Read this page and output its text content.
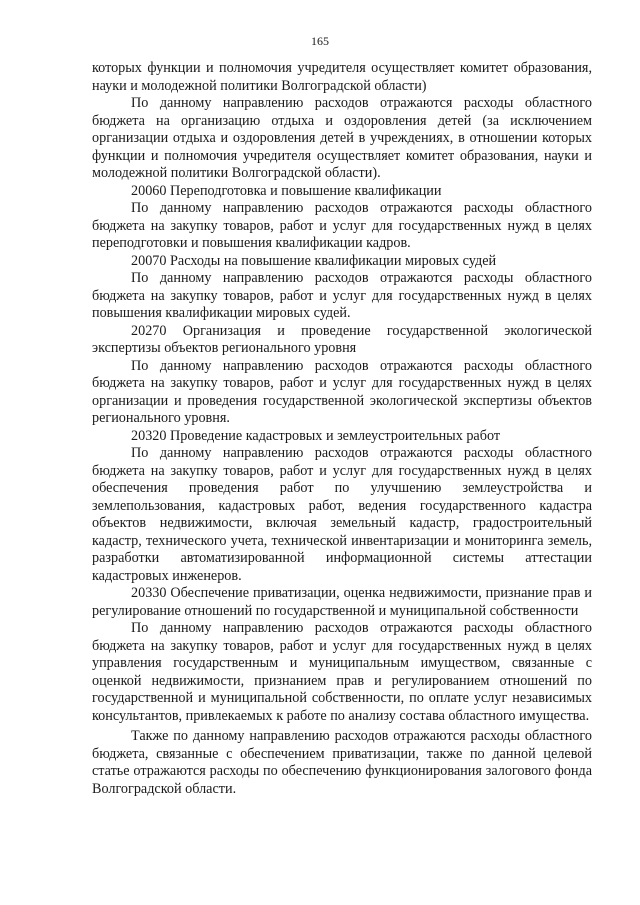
165

которых функции и полномочия учредителя осуществляет комитет образования, науки и молодежной политики Волгоградской области)

По данному направлению расходов отражаются расходы областного бюджета на организацию отдыха и оздоровления детей (за исключением организации отдыха и оздоровления детей в учреждениях, в отношении которых функции и полномочия учредителя осуществляет комитет образования, науки и молодежной политики Волгоградской области).

20060 Переподготовка и повышение квалификации

По данному направлению расходов отражаются расходы областного бюджета на закупку товаров, работ и услуг для государственных нужд в целях переподготовки и повышения квалификации кадров.

20070 Расходы на повышение квалификации мировых судей

По данному направлению расходов отражаются расходы областного бюджета на закупку товаров, работ и услуг для государственных нужд в целях повышения квалификации мировых судей.

20270 Организация и проведение государственной экологической экспертизы объектов регионального уровня

По данному направлению расходов отражаются расходы областного бюджета на закупку товаров, работ и услуг для государственных нужд в целях организации и проведения государственной экологической экспертизы объектов регионального уровня.

20320 Проведение кадастровых и землеустроительных работ

По данному направлению расходов отражаются расходы областного бюджета на закупку товаров, работ и услуг для государственных нужд в целях обеспечения проведения работ по улучшению землеустройства и землепользования, кадастровых работ, ведения государственного кадастра объектов недвижимости, включая земельный кадастр, градостроительный кадастр, технического учета, технической инвентаризации и мониторинга земель, разработки автоматизированной информационной системы аттестации кадастровых инженеров.

20330 Обеспечение приватизации, оценка недвижимости, признание прав и регулирование отношений по государственной и муниципальной собственности

По данному направлению расходов отражаются расходы областного бюджета на закупку товаров, работ и услуг для государственных нужд в целях управления государственным и муниципальным имуществом, связанные с оценкой недвижимости, признанием прав и регулированием отношений по государственной и муниципальной собственности, по оплате услуг независимых консультантов, привлекаемых к работе по анализу состава областного имущества.

Также по данному направлению расходов отражаются расходы областного бюджета, связанные с обеспечением приватизации, также по данной целевой статье отражаются расходы по обеспечению функционирования залогового фонда Волгоградской области.
